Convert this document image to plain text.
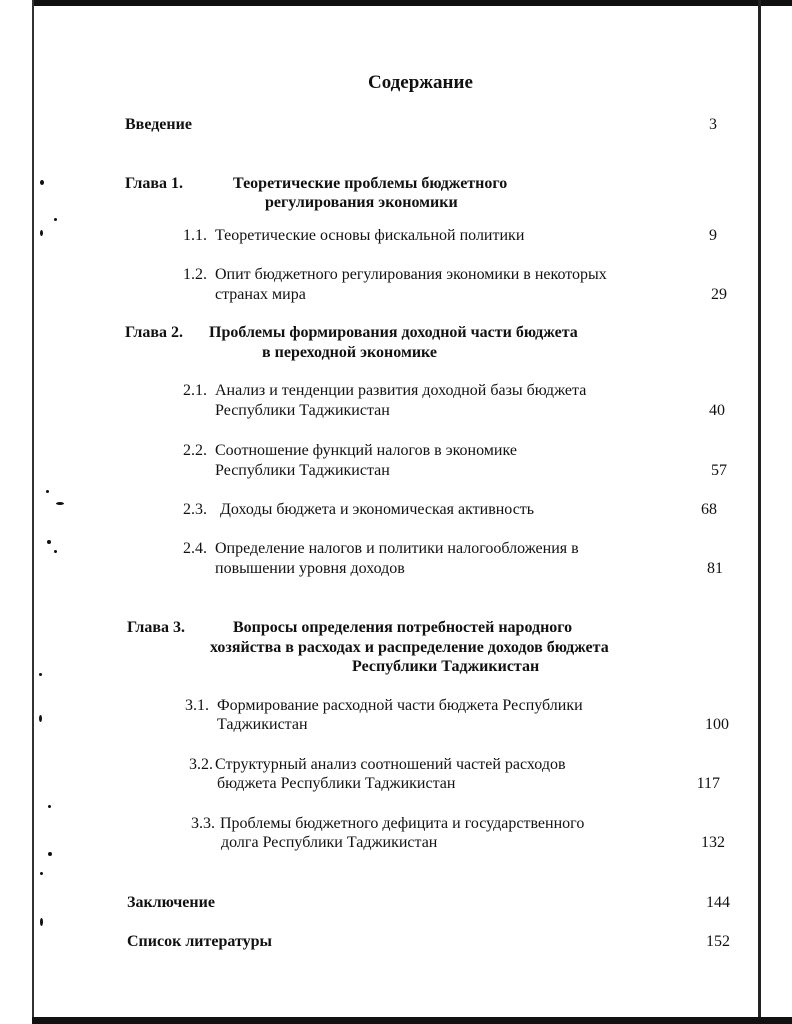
Содержание
Введение	3
Глава 1.	Теоретические проблемы бюджетного
регулирования экономики
1.1. Теоретические основы фискальной политики	9
1.2. Опит бюджетного регулирования экономики в некоторых
странах мира	29
Глава 2. Проблемы формирования доходной части бюджета
в переходной экономике
2.1. Анализ и тенденции развития доходной базы бюджета
Республики Таджикистан	40
2.2. Соотношение функций налогов в экономике
Республики Таджикистан	57
2.3. Доходы бюджета и экономическая активность	68
2.4. Определение налогов и политики налогообложения в
повышении уровня доходов	81
Глава 3.	Вопросы определения потребностей народного
хозяйства в расходах и распределение доходов бюджета
Республики Таджикистан
3.1. Формирование расходной части бюджета Республики
Таджикистан	100
3.2. Структурный анализ соотношений частей расходов
бюджета Республики Таджикистан	117
3.3. Проблемы бюджетного дефицита и государственного
долга Республики Таджикистан	132
Заключение	144
Список литературы	152
